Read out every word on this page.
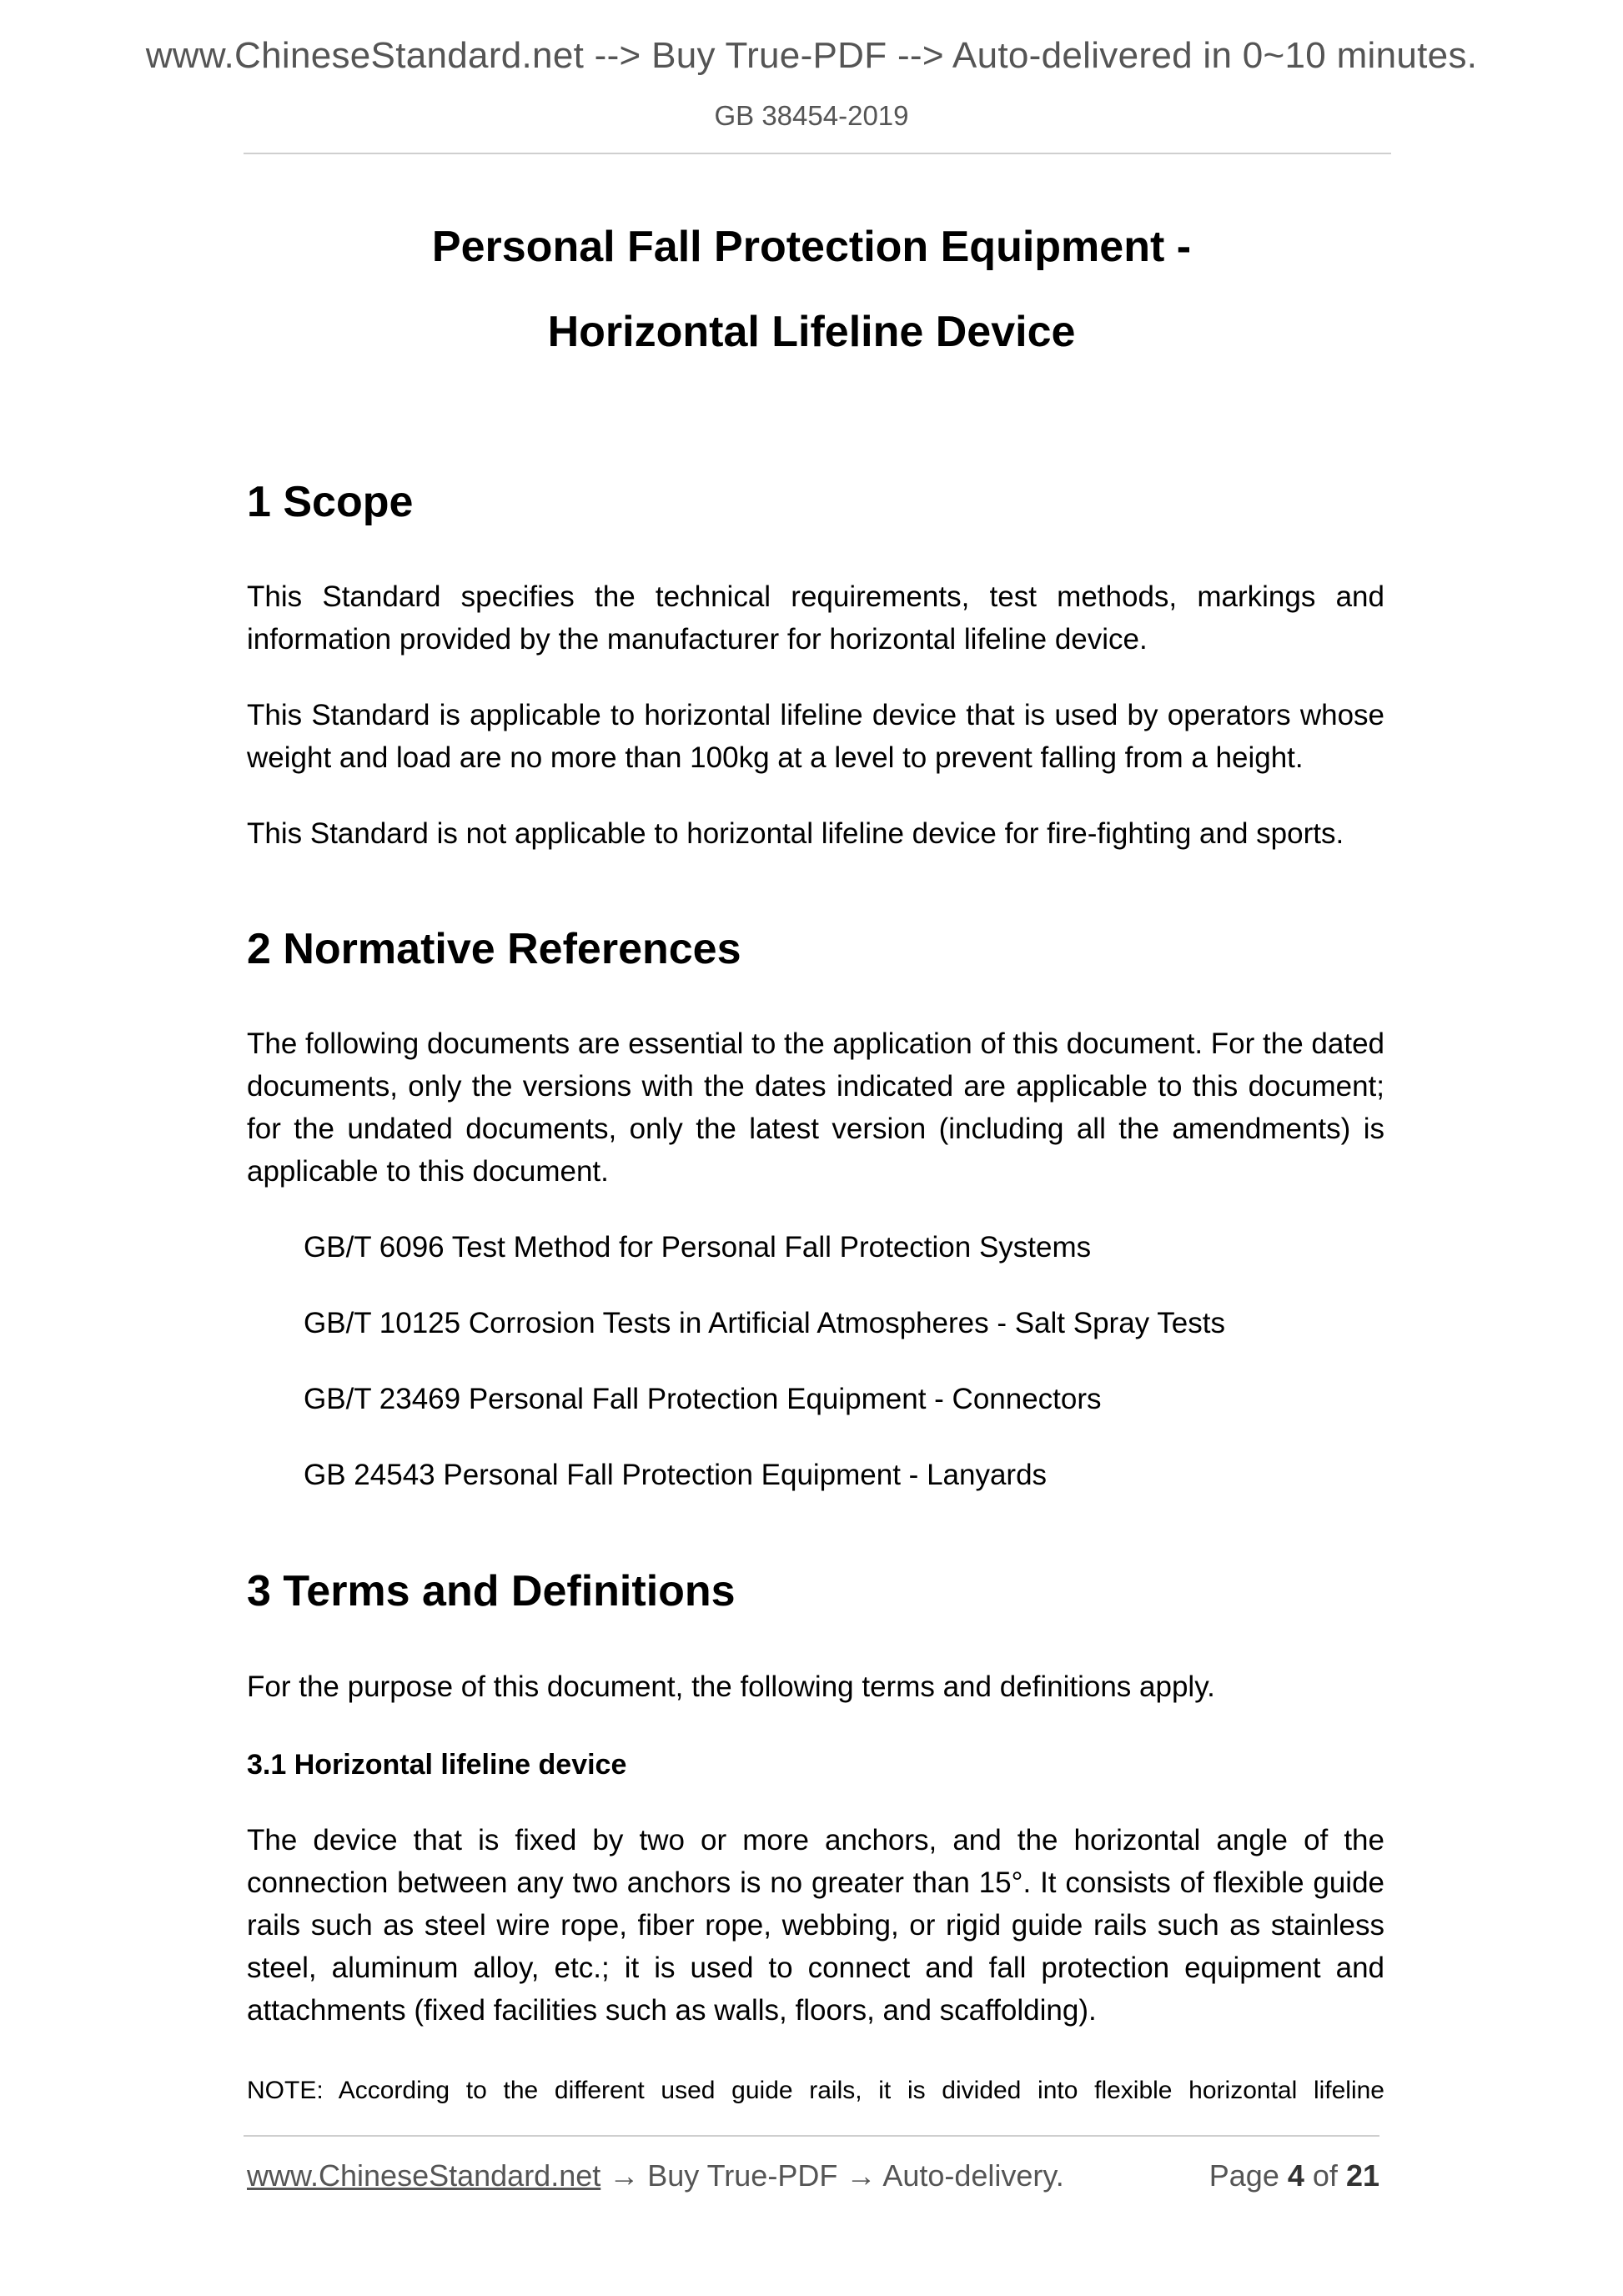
www.ChineseStandard.net --> Buy True-PDF --> Auto-delivered in 0~10 minutes.
GB 38454-2019
Personal Fall Protection Equipment -
Horizontal Lifeline Device
1 Scope

This Standard specifies the technical requirements, test methods, markings and information provided by the manufacturer for horizontal lifeline device.

This Standard is applicable to horizontal lifeline device that is used by operators whose weight and load are no more than 100kg at a level to prevent falling from a height.

This Standard is not applicable to horizontal lifeline device for fire-fighting and sports.

2 Normative References

The following documents are essential to the application of this document. For the dated documents, only the versions with the dates indicated are applicable to this document; for the undated documents, only the latest version (including all the amendments) is applicable to this document.

GB/T 6096 Test Method for Personal Fall Protection Systems

GB/T 10125 Corrosion Tests in Artificial Atmospheres - Salt Spray Tests

GB/T 23469 Personal Fall Protection Equipment - Connectors

GB 24543 Personal Fall Protection Equipment - Lanyards

3 Terms and Definitions

For the purpose of this document, the following terms and definitions apply.

3.1 Horizontal lifeline device

The device that is fixed by two or more anchors, and the horizontal angle of the connection between any two anchors is no greater than 15°. It consists of flexible guide rails such as steel wire rope, fiber rope, webbing, or rigid guide rails such as stainless steel, aluminum alloy, etc.; it is used to connect and fall protection equipment and attachments (fixed facilities such as walls, floors, and scaffolding).

NOTE: According to the different used guide rails, it is divided into flexible horizontal lifeline

www.ChineseStandard.net → Buy True-PDF → Auto-delivery.	Page 4 of 21
